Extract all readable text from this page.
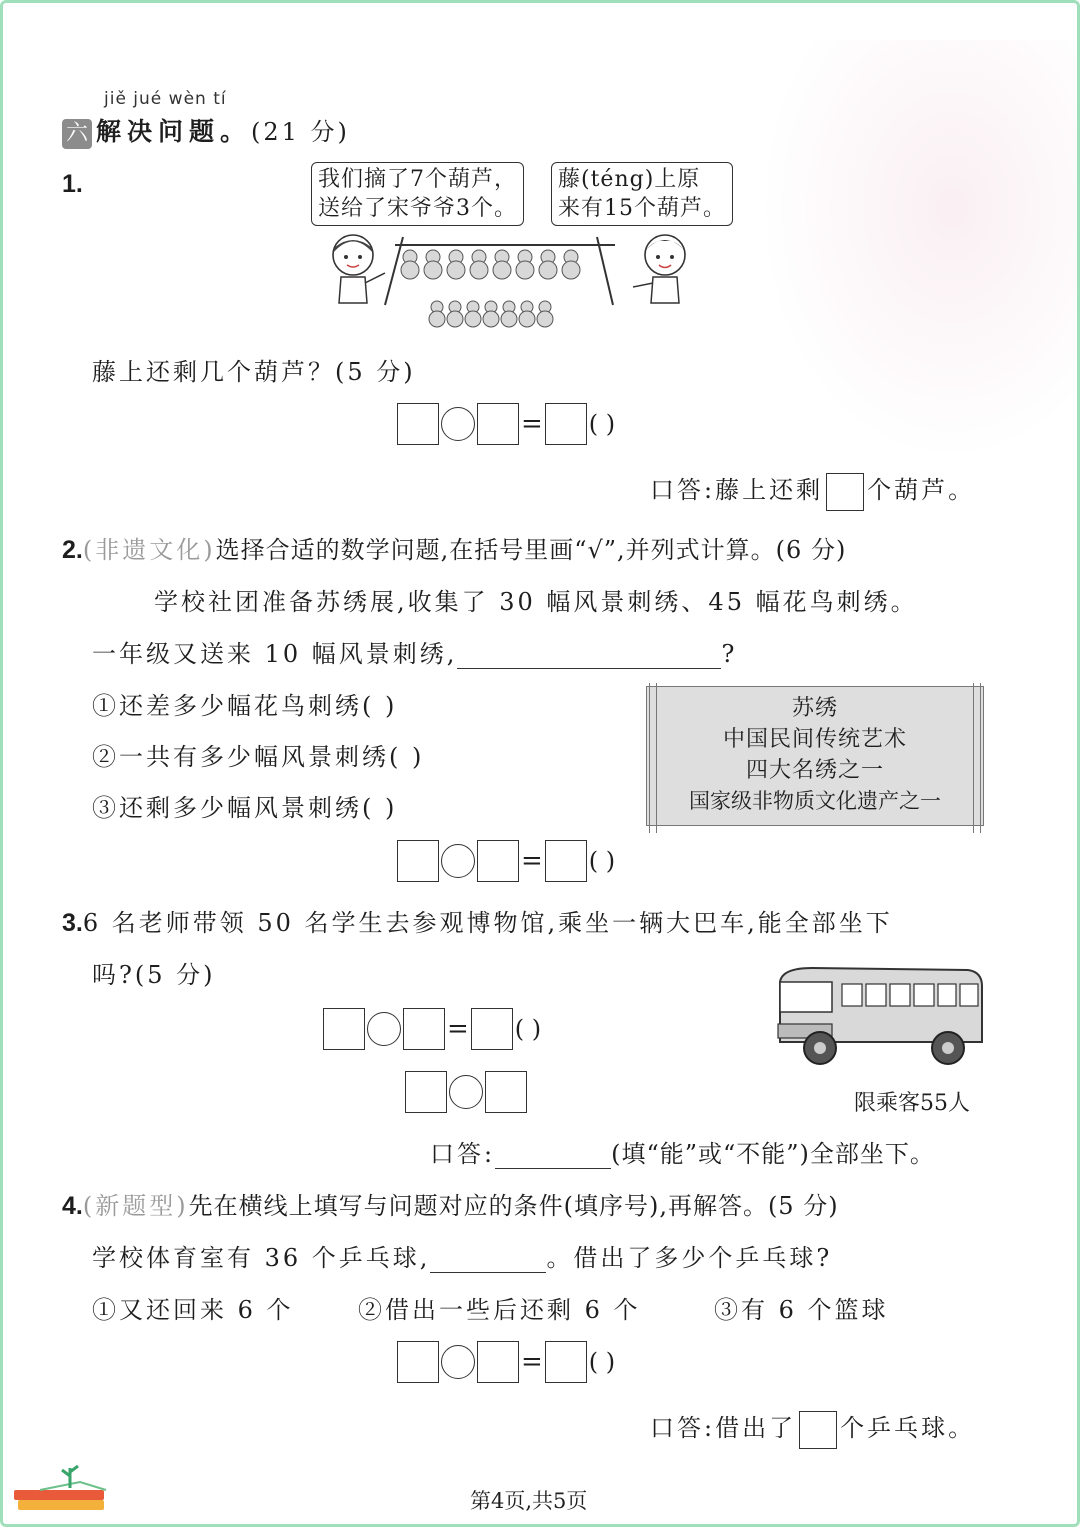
jiě jué wèn tí
六 解决问题。(21 分)
1.	我们摘了7个葫芦，
送给了宋爷爷3个。
藤(téng)上原
来有15个葫芦。
藤上还剩几个葫芦？(5 分)
= ( )
口答:藤上还剩 个葫芦。
2.(非遗文化)选择合适的数学问题,在括号里画“√”,并列式计算。(6 分)
学校社团准备苏绣展,收集了 30 幅风景刺绣、45 幅花鸟刺绣。
一年级又送来 10 幅风景刺绣,	?
①还差多少幅花鸟刺绣( )
②一共有多少幅风景刺绣( )
③还剩多少幅风景刺绣( )
苏绣
中国民间传统艺术
四大名绣之一
国家级非物质文化遗产之一
= ( )
3.6 名老师带领 50 名学生去参观博物馆,乘坐一辆大巴车,能全部坐下
吗?(5 分)
限乘客55人
= ( )
口答:	(填“能”或“不能”)全部坐下。
4.(新题型)先在横线上填写与问题对应的条件(填序号),再解答。(5 分)
学校体育室有 36 个乒乓球,	。借出了多少个乒乓球?
①又还回来 6 个	②借出一些后还剩 6 个	③有 6 个篮球
= ( )
口答:借出了 个乒乓球。
第4页,共5页
